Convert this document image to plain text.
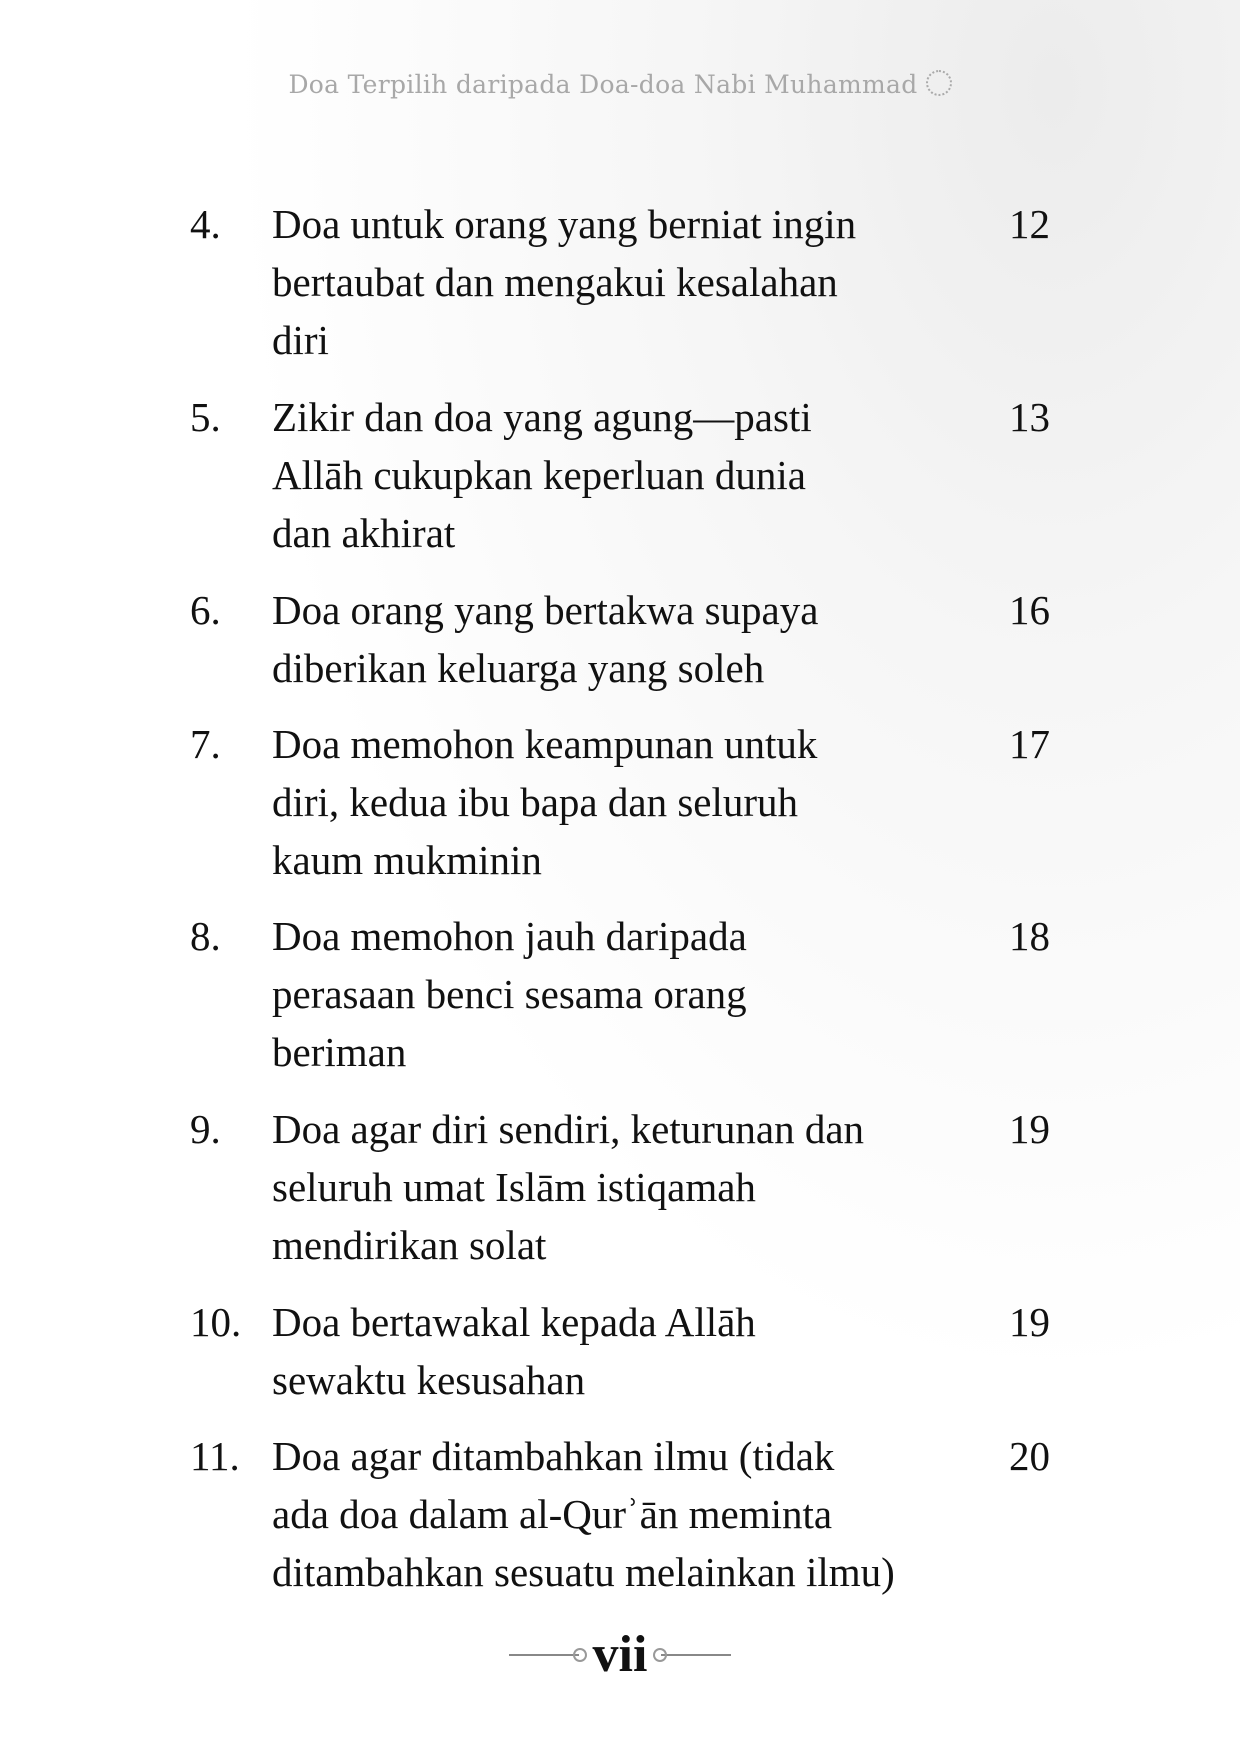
Doa Terpilih daripada Doa-doa Nabi Muhammad
4. Doa untuk orang yang berniat ingin
bertaubat dan mengakui kesalahan
diri
12
5. Zikir dan doa yang agung—pasti
Allāh cukupkan keperluan dunia
dan akhirat
13
6. Doa orang yang bertakwa supaya
diberikan keluarga yang soleh
16
7. Doa memohon keampunan untuk
diri, kedua ibu bapa dan seluruh
kaum mukminin
17
8. Doa memohon jauh daripada
perasaan benci sesama orang
beriman
18
9. Doa agar diri sendiri, keturunan dan
seluruh umat Islām istiqamah
mendirikan solat
19
10. Doa bertawakal kepada Allāh
sewaktu kesusahan
19
11. Doa agar ditambahkan ilmu (tidak
ada doa dalam al-Qurʾān meminta
ditambahkan sesuatu melainkan ilmu)
20
vii
